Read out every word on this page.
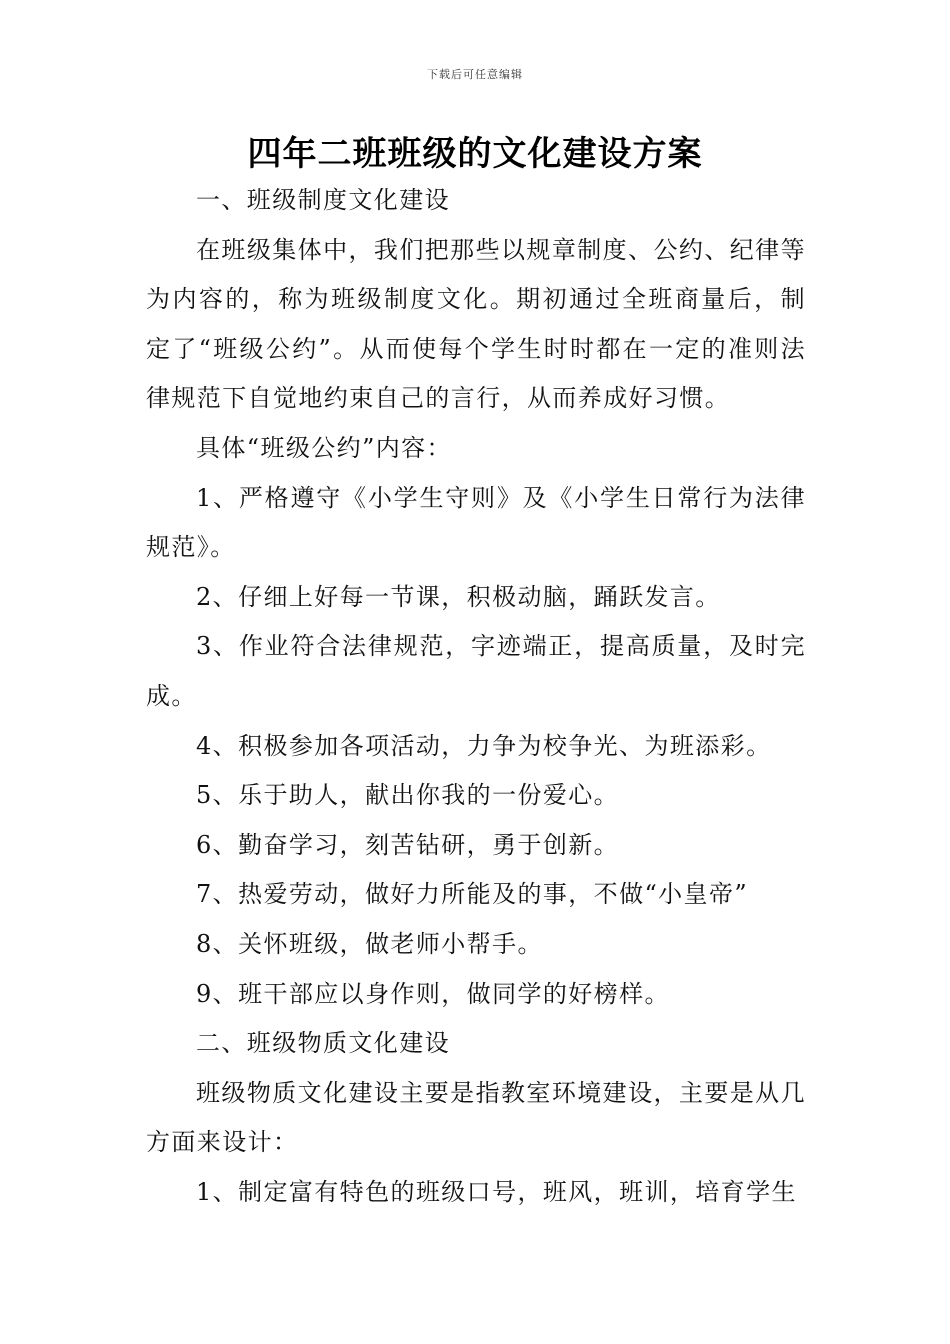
下载后可任意编辑
四年二班班级的文化建设方案

一、班级制度文化建设

在班级集体中，我们把那些以规章制度、公约、纪律等为内容的，称为班级制度文化。期初通过全班商量后，制定了“班级公约”。从而使每个学生时时都在一定的准则法律规范下自觉地约束自己的言行，从而养成好习惯。

具体“班级公约”内容：

1、严格遵守《小学生守则》及《小学生日常行为法律规范》。

2、仔细上好每一节课，积极动脑，踊跃发言。

3、作业符合法律规范，字迹端正，提高质量，及时完成。

4、积极参加各项活动，力争为校争光、为班添彩。

5、乐于助人，献出你我的一份爱心。

6、勤奋学习，刻苦钻研，勇于创新。

7、热爱劳动，做好力所能及的事，不做“小皇帝”

8、关怀班级，做老师小帮手。

9、班干部应以身作则，做同学的好榜样。

二、班级物质文化建设

班级物质文化建设主要是指教室环境建设，主要是从几方面来设计：

1、制定富有特色的班级口号，班风，班训，培育学生
